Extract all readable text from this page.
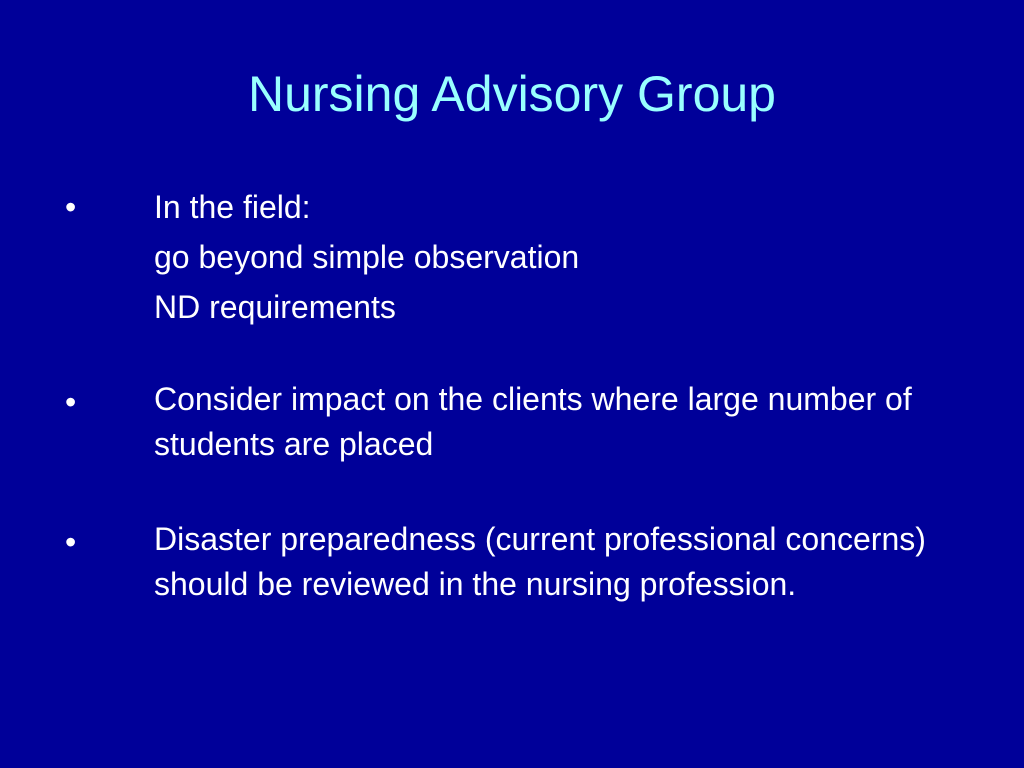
Nursing Advisory Group
• In the field:
go beyond simple observation
ND requirements
• Consider impact on the clients where large number of students are placed
• Disaster preparedness (current professional concerns) should be reviewed in the nursing profession.
